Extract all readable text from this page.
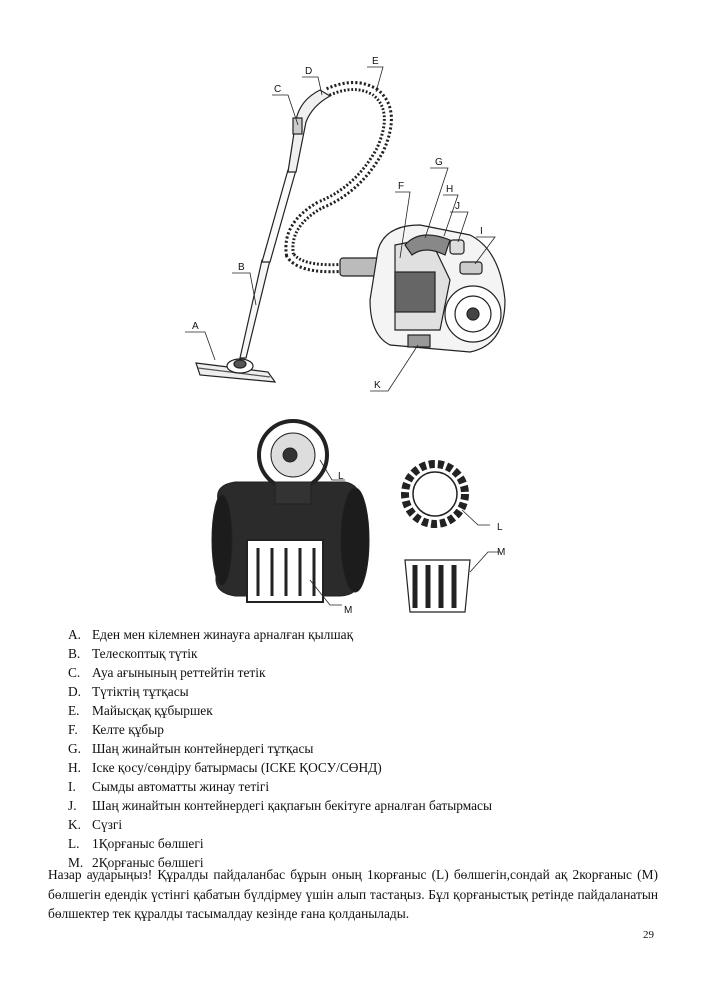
A
B
C
D
E
F
G
H
J
I
K
L
M
L
M
A. Еден мен кілемнен жинауға арналған қылшақ
B. Телескоптық түтік
C. Ауа ағынының реттейтін тетік
D. Түтіктің тұтқасы
E. Майысқақ құбыршек
F.	Келте құбыр
G. Шаң жинайтын контейнердегі тұтқасы
H. Іске қосу/сөндіру батырмасы (ІСКЕ ҚОСУ/СӨНД)
I.	Сымды автоматты жинау тетігі
J.	Шаң жинайтын контейнердегі қақпағын бекітуге арналған батырмасы
K. Сүзгі
L. 1Қорғаныс бөлшегі
M. 2Қорғаныс бөлшегі

Назар аударыңыз! Құралды пайдаланбас бұрын оның 1корғаныс (L) бөлшегін,сондай ақ 2корғаныс (M) бөлшегін едендік үстінгі қабатын бүлдірмеу үшін алып тастаңыз. Бұл қорғаныстық ретінде пайдаланатын бөлшектер тек құралды тасымалдау кезінде ғана қолданылады.

29
